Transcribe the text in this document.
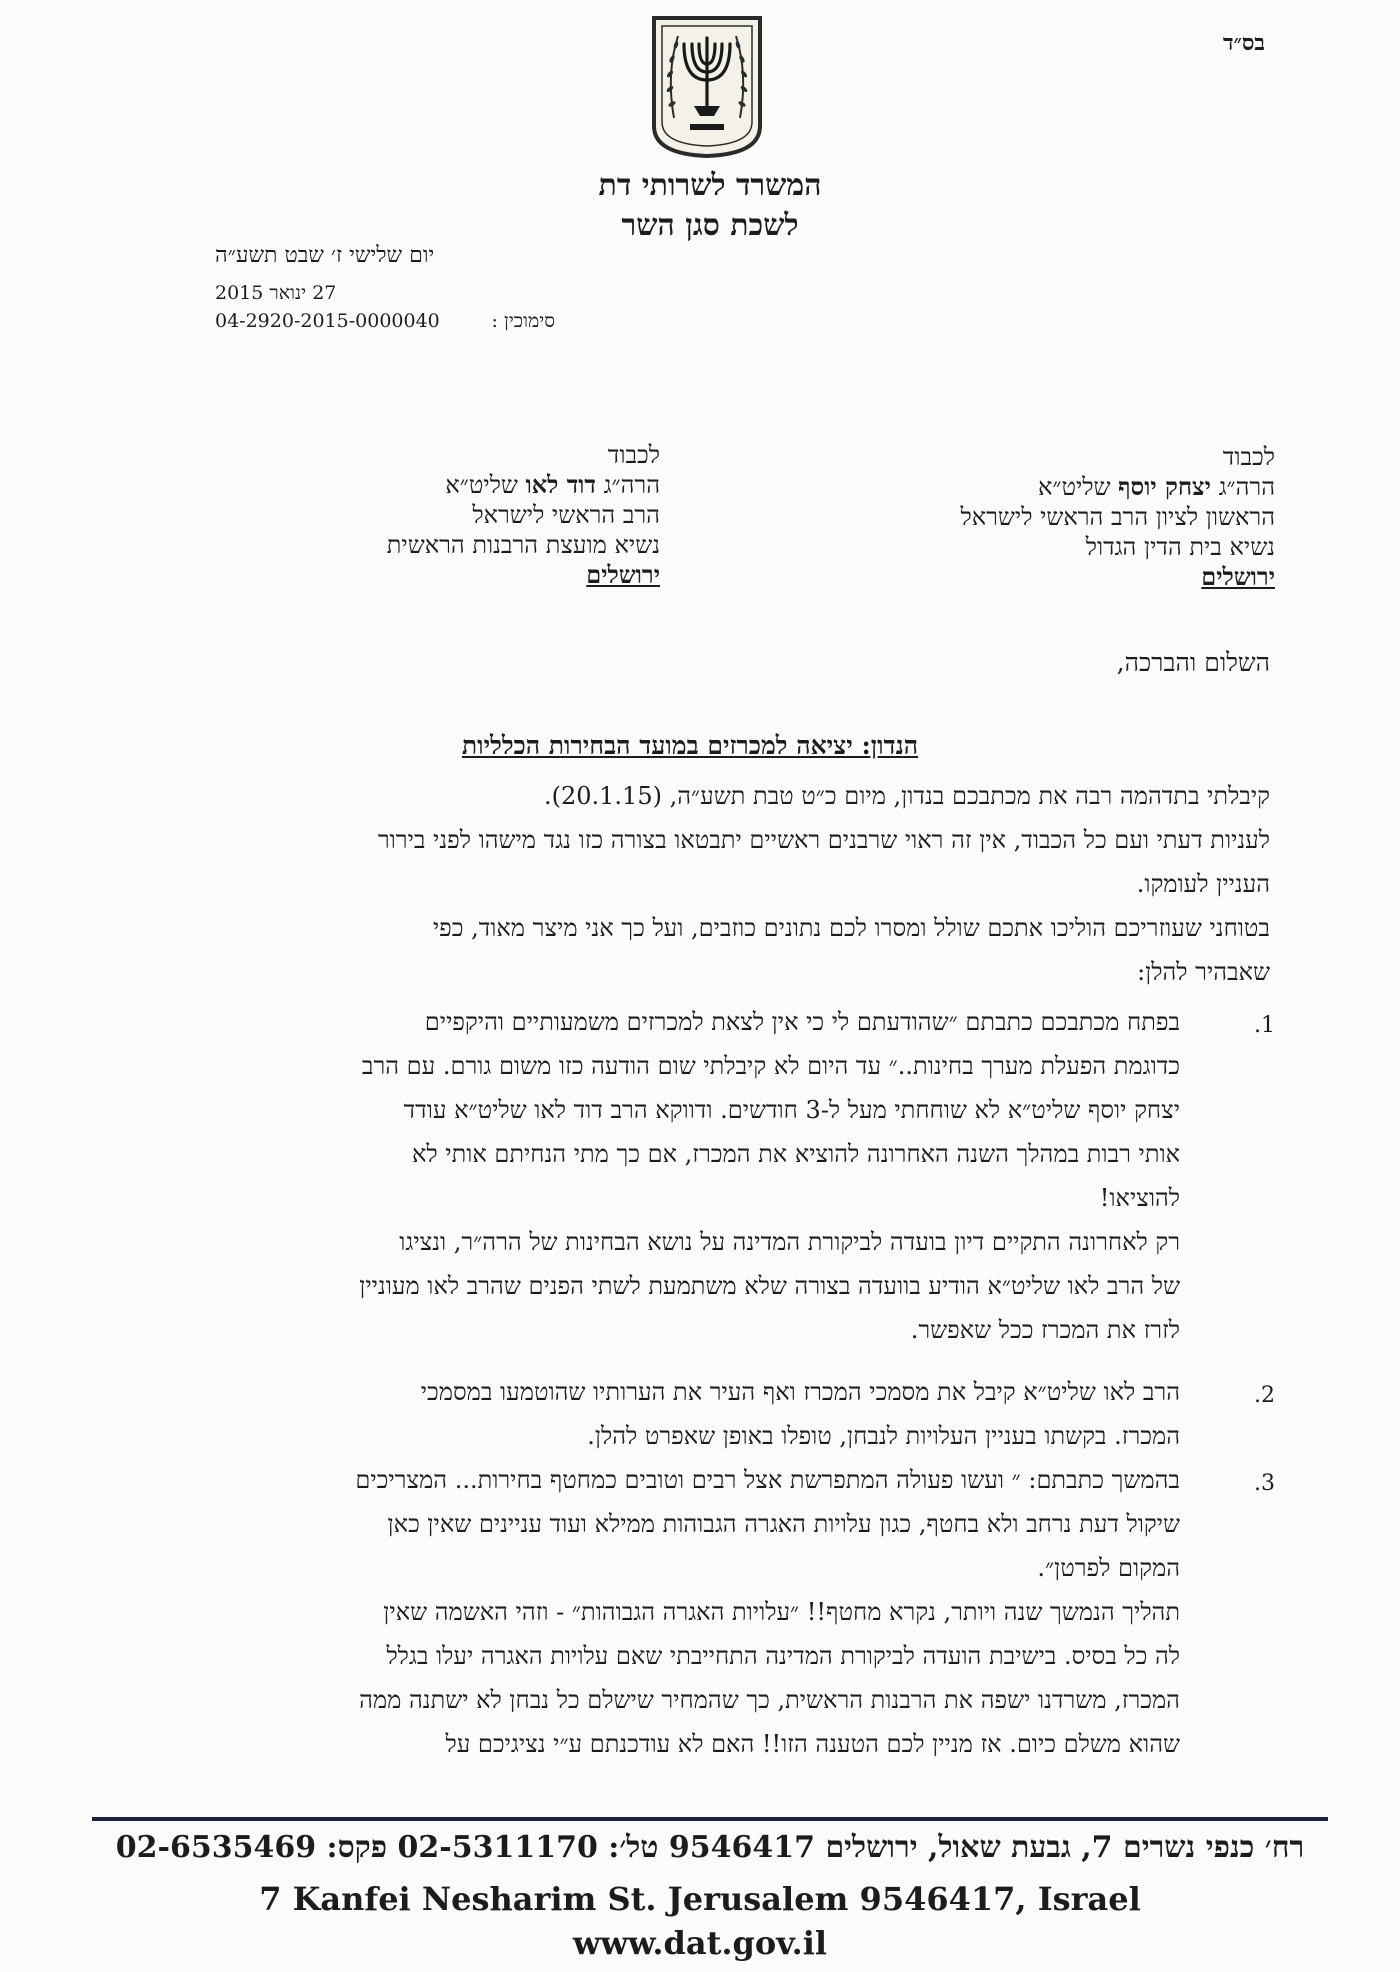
בס״ד
המשרד לשרותי דת
לשכת סגן השר
יום שלישי ז׳ שבט תשע״ה
27 ינואר 2015
סימוכין :
04-2920-2015-0000040
לכבוד
הרה״ג יצחק יוסף שליט״א
הראשון לציון הרב הראשי לישראל
נשיא בית הדין הגדול
ירושלים
לכבוד
הרה״ג דוד לאו שליט״א
הרב הראשי לישראל
נשיא מועצת הרבנות הראשית
ירושלים
השלום והברכה,
הנדון: יציאה למכרזים במועד הבחירות הכלליות
קיבלתי בתדהמה רבה את מכתבכם בנדון, מיום כ״ט טבת תשע״ה, (20.1.15).
לעניות דעתי ועם כל הכבוד, אין זה ראוי שרבנים ראשיים יתבטאו בצורה כזו נגד מישהו לפני בירור
העניין לעומקו.
בטוחני שעוזריכם הוליכו אתכם שולל ומסרו לכם נתונים כוזבים, ועל כך אני מיצר מאוד, כפי
שאבהיר להלן:
1.
בפתח מכתבכם כתבתם ״שהודעתם לי כי אין לצאת למכרזים משמעותיים והיקפיים
כדוגמת הפעלת מערך בחינות..״ עד היום לא קיבלתי שום הודעה כזו משום גורם. עם הרב
יצחק יוסף שליט״א לא שוחחתי מעל ל-3 חודשים. ודווקא הרב דוד לאו שליט״א עודד
אותי רבות במהלך השנה האחרונה להוציא את המכרז, אם כך מתי הנחיתם אותי לא
להוציאו!
רק לאחרונה התקיים דיון בועדה לביקורת המדינה על נושא הבחינות של הרה״ר, ונציגו
של הרב לאו שליט״א הודיע בוועדה בצורה שלא משתמעת לשתי הפנים שהרב לאו מעוניין
לזרז את המכרז ככל שאפשר.
2.
הרב לאו שליט״א קיבל את מסמכי המכרז ואף העיר את הערותיו שהוטמעו במסמכי
המכרז. בקשתו בעניין העלויות לנבחן, טופלו באופן שאפרט להלן.
3.
בהמשך כתבתם: ״ ועשו פעולה המתפרשת אצל רבים וטובים כמחטף בחירות... המצריכים
שיקול דעת נרחב ולא בחטף, כגון עלויות האגרה הגבוהות ממילא ועוד עניינים שאין כאן
המקום לפרטן״.
תהליך הנמשך שנה ויותר, נקרא מחטף!! ״עלויות האגרה הגבוהות״ - וזהי האשמה שאין
לה כל בסיס. בישיבת הועדה לביקורת המדינה התחייבתי שאם עלויות האגרה יעלו בגלל
המכרז, משרדנו ישפה את הרבנות הראשית, כך שהמחיר שישלם כל נבחן לא ישתנה ממה
שהוא משלם כיום. אז מניין לכם הטענה הזו!! האם לא עודכנתם ע״י נציגיכם על
רח׳ כנפי נשרים 7, גבעת שאול, ירושלים 9546417 טל׳: 02-5311170 פקס: 02-6535469
7 Kanfei Nesharim St. Jerusalem 9546417, Israel
www.dat.gov.il
